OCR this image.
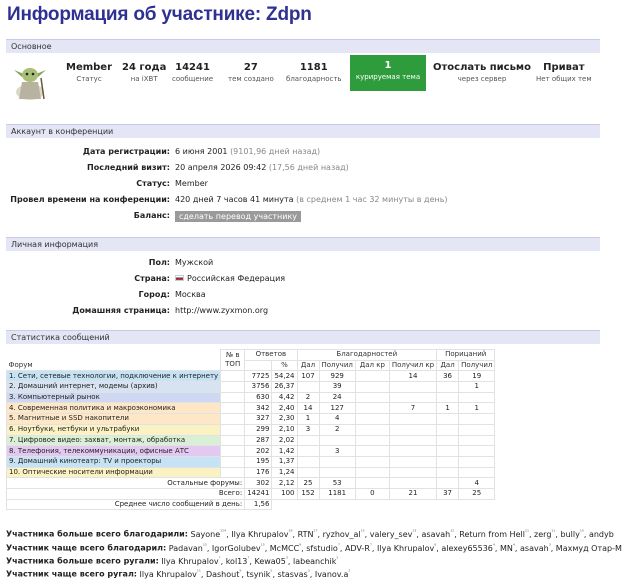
Информация об участнике: Zdpn
Основное
Member
Статус
24 года
на iXBT
14241
сообщение
27
тем создано
1181
благодарность
1
курируемая тема
Отослать письмо
через сервер
Приват
Нет общих тем
Аккаунт в конференции
Дата регистрации: 6 июня 2001 (9101,96 дней назад)
Последний визит: 20 апреля 2026 09:42 (17,56 дней назад)
Статус: Member
Провел времени на конференции: 420 дней 7 часов 41 минута (в среднем 1 час 32 минуты в день)
Баланс:	сделать перевод участнику
Личная информация
Пол: Мужской
Страна:	Российская Федерация
Город: Москва
Домашняя страница: http://www.zyxmon.org
Статистика сообщений
Форум	№ в
ТОП	Ответов		Благодарностей				Порицаний	
			%	Дал	Получил	Дал кр	Получил кр	Дал	Получил
1. Сети, сетевые технологии, подключение к интернету		7725	54,24	107	929		14	36	19
2. Домашний интернет, модемы (архив)		3756	26,37		39				1
3. Компьютерный рынок		630	4,42	2	24				
4. Современная политика и макроэкономика		342	2,40	14	127		7	1	1
5. Магнитные и SSD накопители		327	2,30	1	4				
6. Ноутбуки, нетбуки и ультрабуки		299	2,10	3	2				
7. Цифровое видео: захват, монтаж, обработка		287	2,02						
8. Телефония, телекоммуникации, офисные АТС		202	1,42		3				
9. Домашний кинотеатр: TV и проекторы		195	1,37						
10. Оптические носители информации		176	1,24						
Остальные форумы:		302	2,12	25	53				4
Всего:		14241	100	152	1181	0	21	37	25
Среднее число сообщений в день:		1,56							
Участника больше всего благодарили: Sayone$^{^{124}}$, Ilya Khrupalov$^{^{19}}$, $RTN^{^{17}}$, $ryzhov\_al^{^{15}}$, valery_sev$^{^{13}}$, asavah$^{^{12}}$, Return from Hell$^{^{11}}$, zerg$^{^{11}}$, bully$^{^{10}}$, andyb
Участник чаще всего благодарил: Padavan$^{^{15}}$, IgorGolubev$^{^{13}}$, McMCC$^{^9}$, sfstudio$^{^7}$, ADV-$R^{^7}$, Ilya Khrupalov$^{^6}$, $alexey65536^{^4}$, $MN^{^4}$, asavah$^{^3}$, Махмуд Отар-М
Участника больше всего ругали: Ilya Khrupalov$^{^7}$, $kol13^{^7}$, $Kewa05^{^3}$, labeanchik$^{^2}$
Участник чаще всего ругал: Ilya Khrupalov$^{^{11}}$, Dashout$^{^9}$, tsynik$^{^5}$, stasvas$^{^3}$, $Ivanov.a^{^2}$
